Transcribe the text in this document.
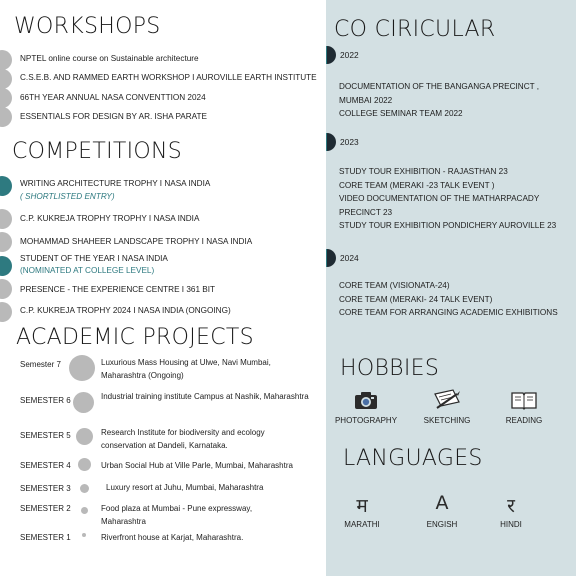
WORKSHOPS
NPTEL online course on Sustainable architecture
C.S.E.B. AND RAMMED EARTH WORKSHOP I AUROVILLE EARTH INSTITUTE
66TH YEAR ANNUAL NASA CONVENTTION 2024
ESSENTIALS FOR DESIGN BY AR. ISHA PARATE
COMPETITIONS
WRITING ARCHITECTURE TROPHY I NASA INDIA
( SHORTLISTED ENTRY)
C.P. KUKREJA TROPHY TROPHY I NASA INDIA
MOHAMMAD SHAHEER LANDSCAPE TROPHY I NASA INDIA
STUDENT OF THE YEAR I NASA INDIA
(NOMINATED AT COLLEGE LEVEL)
PRESENCE - THE EXPERIENCE CENTRE I 361 BIT
C.P. KUKREJA TROPHY 2024 I NASA INDIA (ONGOING)
ACADEMIC PROJECTS
Semester 7	Luxurious Mass Housing at Ulwe, Navi Mumbai, Maharashtra (Ongoing)
SEMESTER 6	Industrial training institute Campus at Nashik, Maharashtra
SEMESTER 5	Research Institute for biodiversity and ecology conservation at Dandeli, Karnataka.
SEMESTER 4	Urban Social Hub at Ville Parle, Mumbai, Maharashtra
SEMESTER 3	Luxury resort at Juhu, Mumbai, Maharashtra
SEMESTER 2	Food plaza at Mumbai - Pune expressway, Maharashtra
SEMESTER 1	Riverfront house at Karjat, Maharashtra.
CO CIRICULAR
2022
DOCUMENTATION OF THE BANGANGA PRECINCT , MUMBAI 2022
COLLEGE SEMINAR TEAM 2022
2023
STUDY TOUR EXHIBITION - RAJASTHAN 23
CORE TEAM (MERAKI -23 TALK EVENT )
VIDEO DOCUMENTATION OF THE MATHARPACADY PRECINCT 23
STUDY TOUR EXHIBITION PONDICHERY AUROVILLE 23
2024
CORE TEAM (VISIONATA-24)
CORE TEAM (MERAKI- 24 TALK EVENT)
CORE TEAM FOR ARRANGING ACADEMIC EXHIBITIONS
HOBBIES
PHOTOGRAPHY	SKETCHING	READING
LANGUAGES
म
MARATHI
A
ENGISH
र
HINDI
